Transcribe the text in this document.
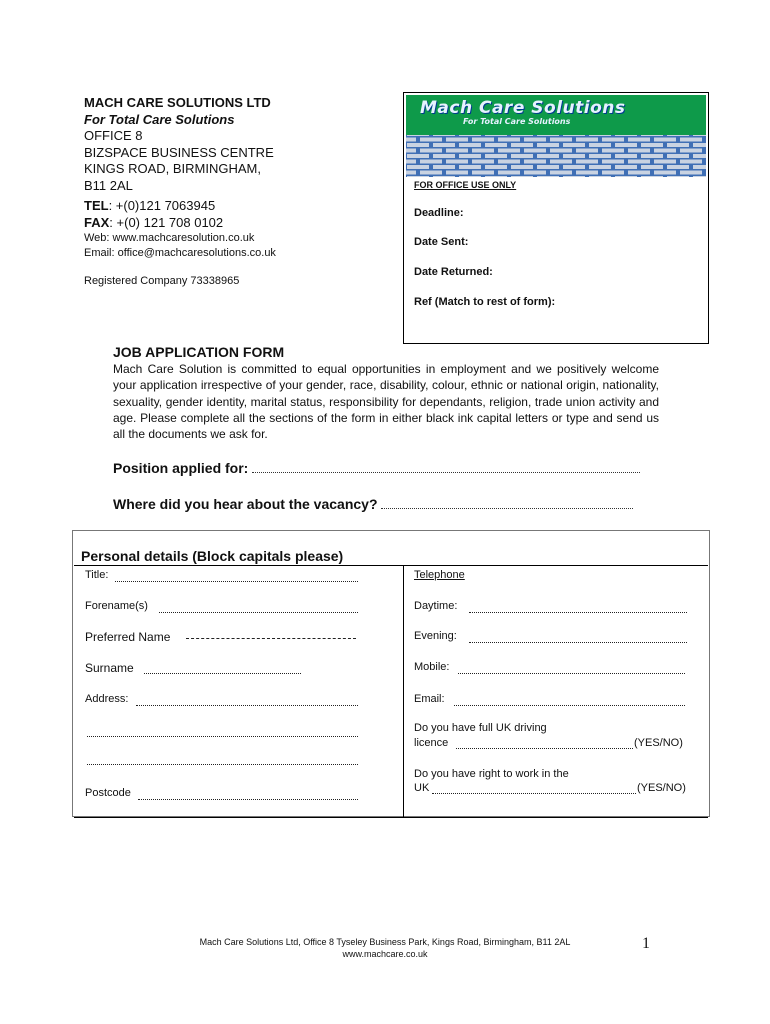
MACH CARE SOLUTIONS LTD
For Total Care Solutions
OFFICE 8
BIZSPACE BUSINESS CENTRE
KINGS ROAD, BIRMINGHAM,
B11 2AL
TEL: +(0)121 7063945
FAX: +(0) 121 708 0102
Web: www.machcaresolution.co.uk
Email: office@machcaresolutions.co.uk
Registered Company 73338965
Mach Care Solutions
For Total Care Solutions
FOR OFFICE USE ONLY
Deadline:
Date Sent:
Date Returned:
Ref (Match to rest of form):
JOB APPLICATION FORM
Mach Care Solution is committed to equal opportunities in employment and we positively welcome your application irrespective of your gender, race, disability, colour, ethnic or national origin, nationality, sexuality, gender identity, marital status, responsibility for dependants, religion, trade union activity and age. Please complete all the sections of the form in either black ink capital letters or type and send us all the documents we ask for.
Position applied for:
Where did you hear about the vacancy?
Personal details (Block capitals please)
Title:
Forename(s)
Preferred Name
Surname
Address:
Postcode
Telephone
Daytime:
Evening:
Mobile:
Email:
Do you have full UK driving
licence	(YES/NO)
Do you have right to work in the
UK	(YES/NO)
Mach Care Solutions Ltd, Office 8 Tyseley Business Park, Kings Road, Birmingham, B11 2AL
www.machcare.co.uk
1
